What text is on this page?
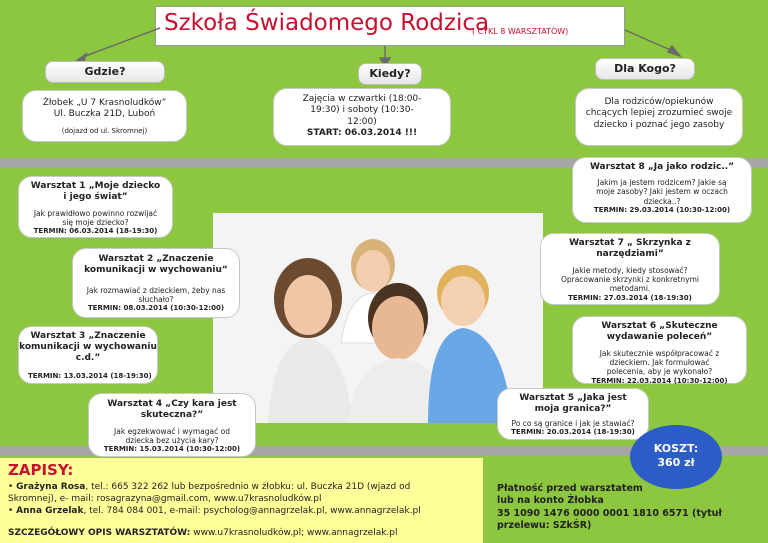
Szkoła Świadomego Rodzica
( CYKL 8 WARSZTATÓW)
Gdzie?	Kiedy?	Dla Kogo?
Żłobek „U 7 Krasnoludków”
Ul. Buczka 21D, Luboń
(dojazd od ul. Skromnej)
Zajęcia w czwartki (18:00-
19:30) i soboty (10:30-
12:00)
START: 06.03.2014 !!!
Dla rodziców/opiekunów
chcących lepiej zrozumieć swoje
dziecko i poznać jego zasoby
Warsztat 8 „Ja jako rodzic..”
Jakim ja jestem rodzicem? Jakie są
moje zasoby? Jaki jestem w oczach
dziecka..?
TERMIN: 29.03.2014 (10:30-12:00)
Warsztat 1 „Moje dziecko
i jego świat”
Jak prawidłowo powinno rozwijać
się moje dziecko?
TERMIN: 06.03.2014 (18-19:30)
Warsztat 2 „Znaczenie
komunikacji w wychowaniu“
Jak rozmawiać z dzieckiem, żeby nas
słuchało?
TERMIN: 08.03.2014 (10:30-12:00)
Warsztat 7 „ Skrzynka z
narzędziami”
Jakie metody, kiedy stosować?
Opracowanie skrzynki z konkretnymi
metodami.
TERMIN: 27.03.2014 (18-19:30)
Warsztat 3 „Znaczenie
komunikacji w wychowaniu
c.d.”
TERMIN: 13.03.2014 (18-19:30)
Warsztat 6 „Skuteczne
wydawanie poleceń”
Jak skutecznie współpracować z
dzieckiem. Jak formułować
polecenia, aby je wykonało?
TERMIN: 22.03.2014 (10:30-12:00)
Warsztat 4 „Czy kara jest
skuteczna?”
Jak egzekwować i wymagać od
dziecka bez użycia kary?
TERMIN: 15.03.2014 (10:30-12:00)
Warsztat 5 „Jaka jest
moja granica?”
Po co są granice i jak je stawiać?
TERMIN: 20.03.2014 (18-19:30)
ZAPISY:
• Grażyna Rosa, tel.: 665 322 262 lub bezpośrednio w żłobku: ul. Buczka 21D (wjazd od
Skromnej), e- mail: rosagrazyna@gmail.com, www.u7krasnoludków.pl
• Anna Grzelak, tel. 784 084 001, e-mail: psycholog@annagrzelak.pl, www.annagrzelak.pl
SZCZEGÓŁOWY OPIS WARSZTATÓW: www.u7krasnoludków.pl; www.annagrzelak.pl
KOSZT:
360 zł
Płatność przed warsztatem
lub na konto Żłobka
35 1090 1476 0000 0001 1810 6571 (tytuł
przelewu: SZkŚR)
